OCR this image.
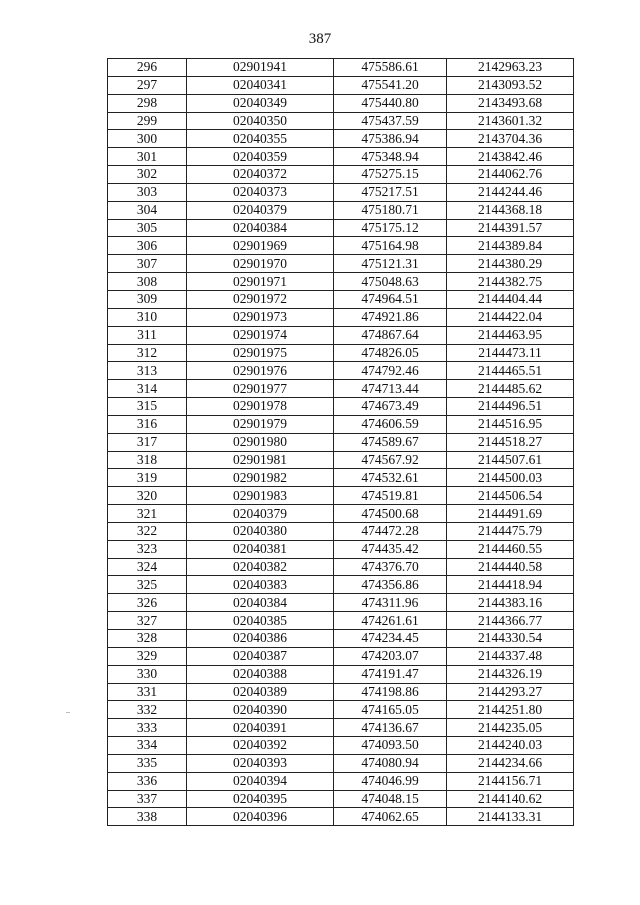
387
296	02901941	475586.61	2142963.23
297	02040341	475541.20	2143093.52
298	02040349	475440.80	2143493.68
299	02040350	475437.59	2143601.32
300	02040355	475386.94	2143704.36
301	02040359	475348.94	2143842.46
302	02040372	475275.15	2144062.76
303	02040373	475217.51	2144244.46
304	02040379	475180.71	2144368.18
305	02040384	475175.12	2144391.57
306	02901969	475164.98	2144389.84
307	02901970	475121.31	2144380.29
308	02901971	475048.63	2144382.75
309	02901972	474964.51	2144404.44
310	02901973	474921.86	2144422.04
311	02901974	474867.64	2144463.95
312	02901975	474826.05	2144473.11
313	02901976	474792.46	2144465.51
314	02901977	474713.44	2144485.62
315	02901978	474673.49	2144496.51
316	02901979	474606.59	2144516.95
317	02901980	474589.67	2144518.27
318	02901981	474567.92	2144507.61
319	02901982	474532.61	2144500.03
320	02901983	474519.81	2144506.54
321	02040379	474500.68	2144491.69
322	02040380	474472.28	2144475.79
323	02040381	474435.42	2144460.55
324	02040382	474376.70	2144440.58
325	02040383	474356.86	2144418.94
326	02040384	474311.96	2144383.16
327	02040385	474261.61	2144366.77
328	02040386	474234.45	2144330.54
329	02040387	474203.07	2144337.48
330	02040388	474191.47	2144326.19
331	02040389	474198.86	2144293.27
332	02040390	474165.05	2144251.80
333	02040391	474136.67	2144235.05
334	02040392	474093.50	2144240.03
335	02040393	474080.94	2144234.66
336	02040394	474046.99	2144156.71
337	02040395	474048.15	2144140.62
338	02040396	474062.65	2144133.31
